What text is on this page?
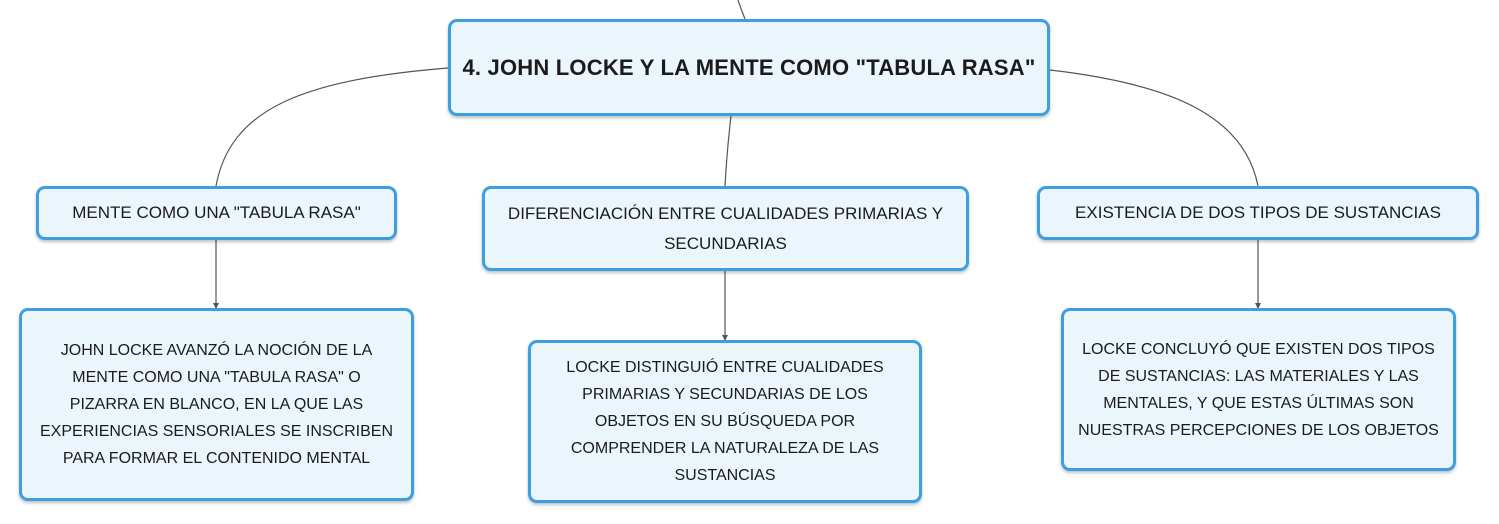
4. JOHN LOCKE Y LA MENTE COMO "TABULA RASA"
MENTE COMO UNA "TABULA RASA"	DIFERENCIACIÓN ENTRE CUALIDADES PRIMARIAS Y SECUNDARIAS
EXISTENCIA DE DOS TIPOS DE SUSTANCIAS
JOHN LOCKE AVANZÓ LA NOCIÓN DE LA MENTE COMO UNA "TABULA RASA" O PIZARRA EN BLANCO, EN LA QUE LAS EXPERIENCIAS SENSORIALES SE INSCRIBEN PARA FORMAR EL CONTENIDO MENTAL
LOCKE DISTINGUIÓ ENTRE CUALIDADES PRIMARIAS Y SECUNDARIAS DE LOS OBJETOS EN SU BÚSQUEDA POR COMPRENDER LA NATURALEZA DE LAS SUSTANCIAS
LOCKE CONCLUYÓ QUE EXISTEN DOS TIPOS DE SUSTANCIAS: LAS MATERIALES Y LAS MENTALES, Y QUE ESTAS ÚLTIMAS SON NUESTRAS PERCEPCIONES DE LOS OBJETOS
